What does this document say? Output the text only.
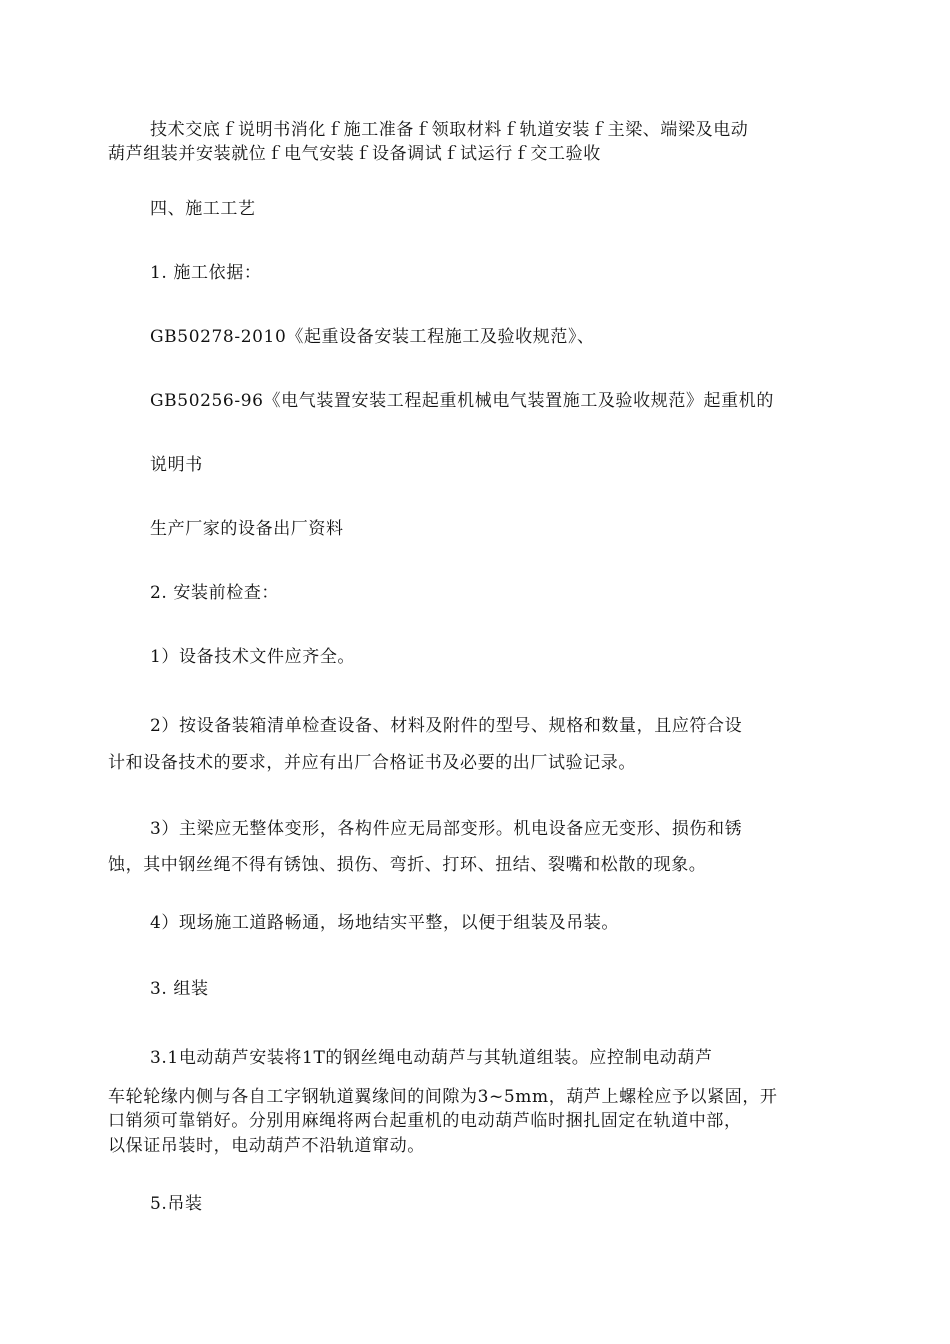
技术交底ｆ说明书消化ｆ施工准备ｆ领取材料ｆ轨道安装ｆ主梁、端梁及电动
葫芦组装并安装就位ｆ电气安装ｆ设备调试ｆ试运行ｆ交工验收
四、施工工艺
1. 施工依据：
GB50278-2010《起重设备安装工程施工及验收规范》、
GB50256-96《电气装置安装工程起重机械电气装置施工及验收规范》起重机的
说明书
生产厂家的设备出厂资料
2. 安装前检查：
1）设备技术文件应齐全。
2）按设备装箱清单检查设备、材料及附件的型号、规格和数量，且应符合设
计和设备技术的要求，并应有出厂合格证书及必要的出厂试验记录。
3）主梁应无整体变形，各构件应无局部变形。机电设备应无变形、损伤和锈
蚀，其中钢丝绳不得有锈蚀、损伤、弯折、打环、扭结、裂嘴和松散的现象。
4）现场施工道路畅通，场地结实平整，以便于组装及吊装。
3. 组装
3.1电动葫芦安装将1T的钢丝绳电动葫芦与其轨道组装。应控制电动葫芦
车轮轮缘内侧与各自工字钢轨道翼缘间的间隙为3~5mm，葫芦上螺栓应予以紧固，开
口销须可靠销好。分别用麻绳将两台起重机的电动葫芦临时捆扎固定在轨道中部，
以保证吊装时，电动葫芦不沿轨道窜动。
5.吊装
